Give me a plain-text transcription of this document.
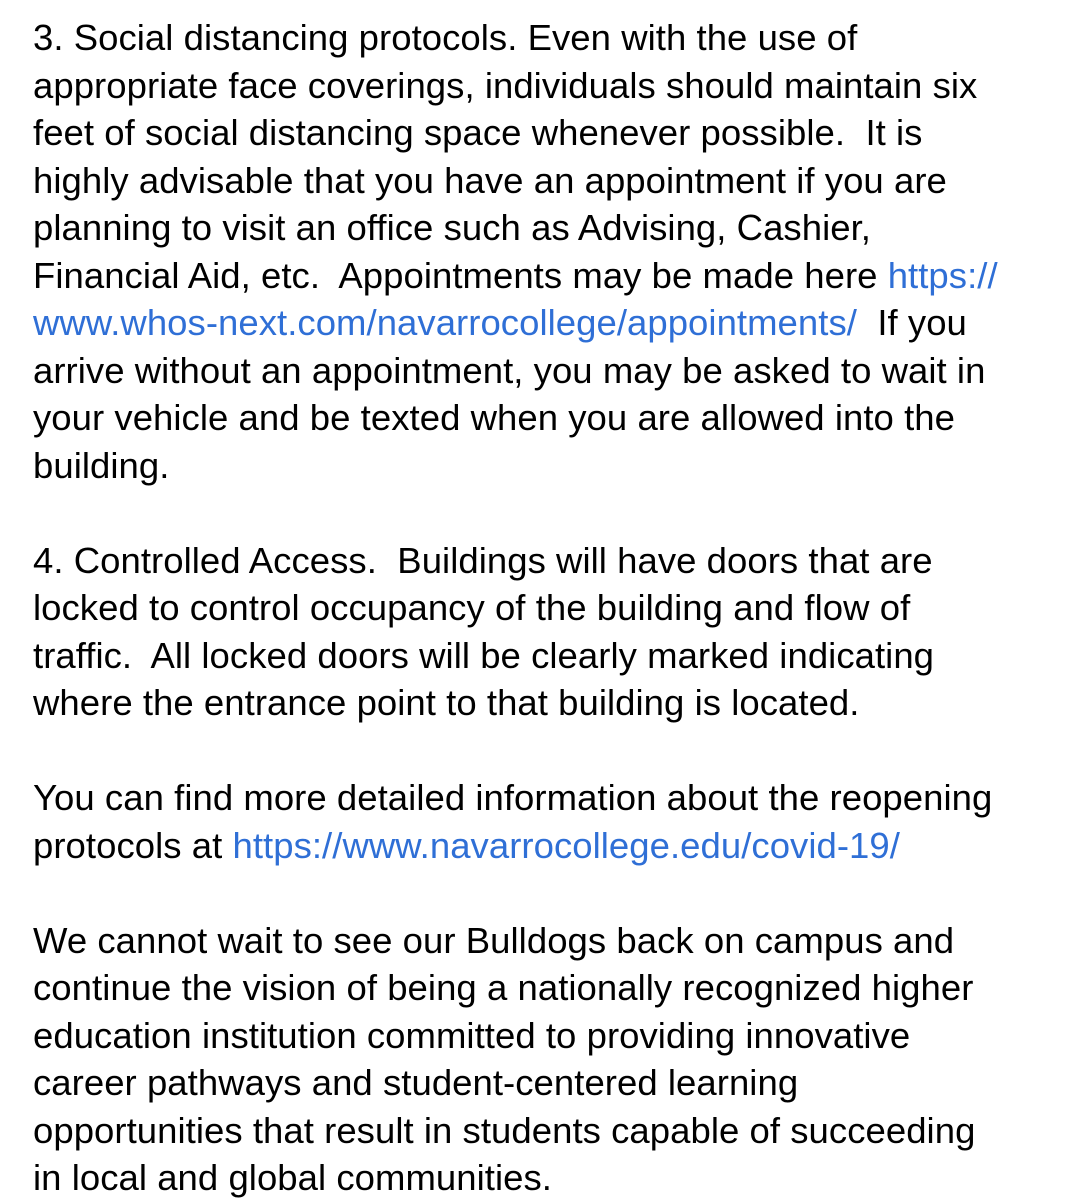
3. Social distancing protocols. Even with the use of
appropriate face coverings, individuals should maintain six
feet of social distancing space whenever possible.  It is
highly advisable that you have an appointment if you are
planning to visit an office such as Advising, Cashier,
Financial Aid, etc.  Appointments may be made here https://
www.whos-next.com/navarrocollege/appointments/  If you
arrive without an appointment, you may be asked to wait in
your vehicle and be texted when you are allowed into the
building.
4. Controlled Access.  Buildings will have doors that are
locked to control occupancy of the building and flow of
traffic.  All locked doors will be clearly marked indicating
where the entrance point to that building is located.
You can find more detailed information about the reopening
protocols at https://www.navarrocollege.edu/covid-19/
We cannot wait to see our Bulldogs back on campus and
continue the vision of being a nationally recognized higher
education institution committed to providing innovative
career pathways and student-centered learning
opportunities that result in students capable of succeeding
in local and global communities.
